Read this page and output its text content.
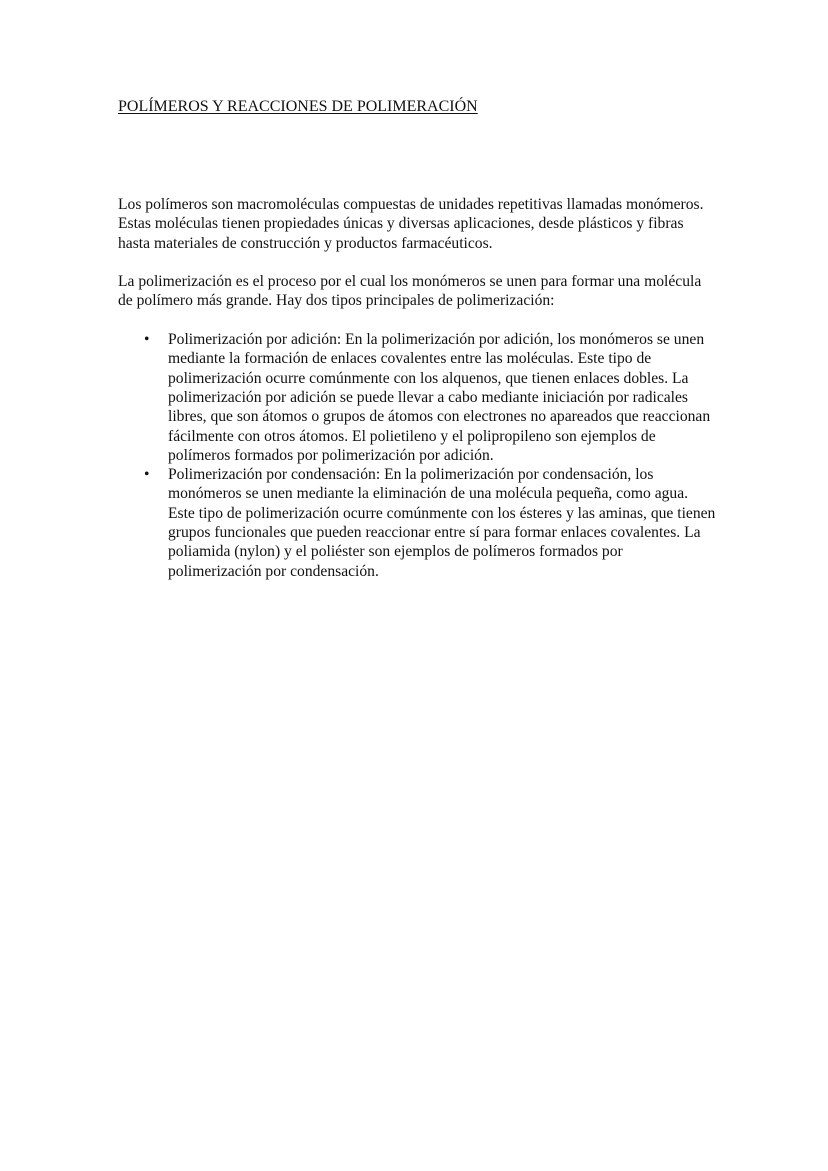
POLÍMEROS Y REACCIONES DE POLIMERACIÓN

Los polímeros son macromoléculas compuestas de unidades repetitivas llamadas monómeros. Estas moléculas tienen propiedades únicas y diversas aplicaciones, desde plásticos y fibras hasta materiales de construcción y productos farmacéuticos.

La polimerización es el proceso por el cual los monómeros se unen para formar una molécula de polímero más grande. Hay dos tipos principales de polimerización:

• Polimerización por adición: En la polimerización por adición, los monómeros se unen mediante la formación de enlaces covalentes entre las moléculas. Este tipo de polimerización ocurre comúnmente con los alquenos, que tienen enlaces dobles. La polimerización por adición se puede llevar a cabo mediante iniciación por radicales libres, que son átomos o grupos de átomos con electrones no apareados que reaccionan fácilmente con otros átomos. El polietileno y el polipropileno son ejemplos de polímeros formados por polimerización por adición.
• Polimerización por condensación: En la polimerización por condensación, los monómeros se unen mediante la eliminación de una molécula pequeña, como agua. Este tipo de polimerización ocurre comúnmente con los ésteres y las aminas, que tienen grupos funcionales que pueden reaccionar entre sí para formar enlaces covalentes. La poliamida (nylon) y el poliéster son ejemplos de polímeros formados por polimerización por condensación.
